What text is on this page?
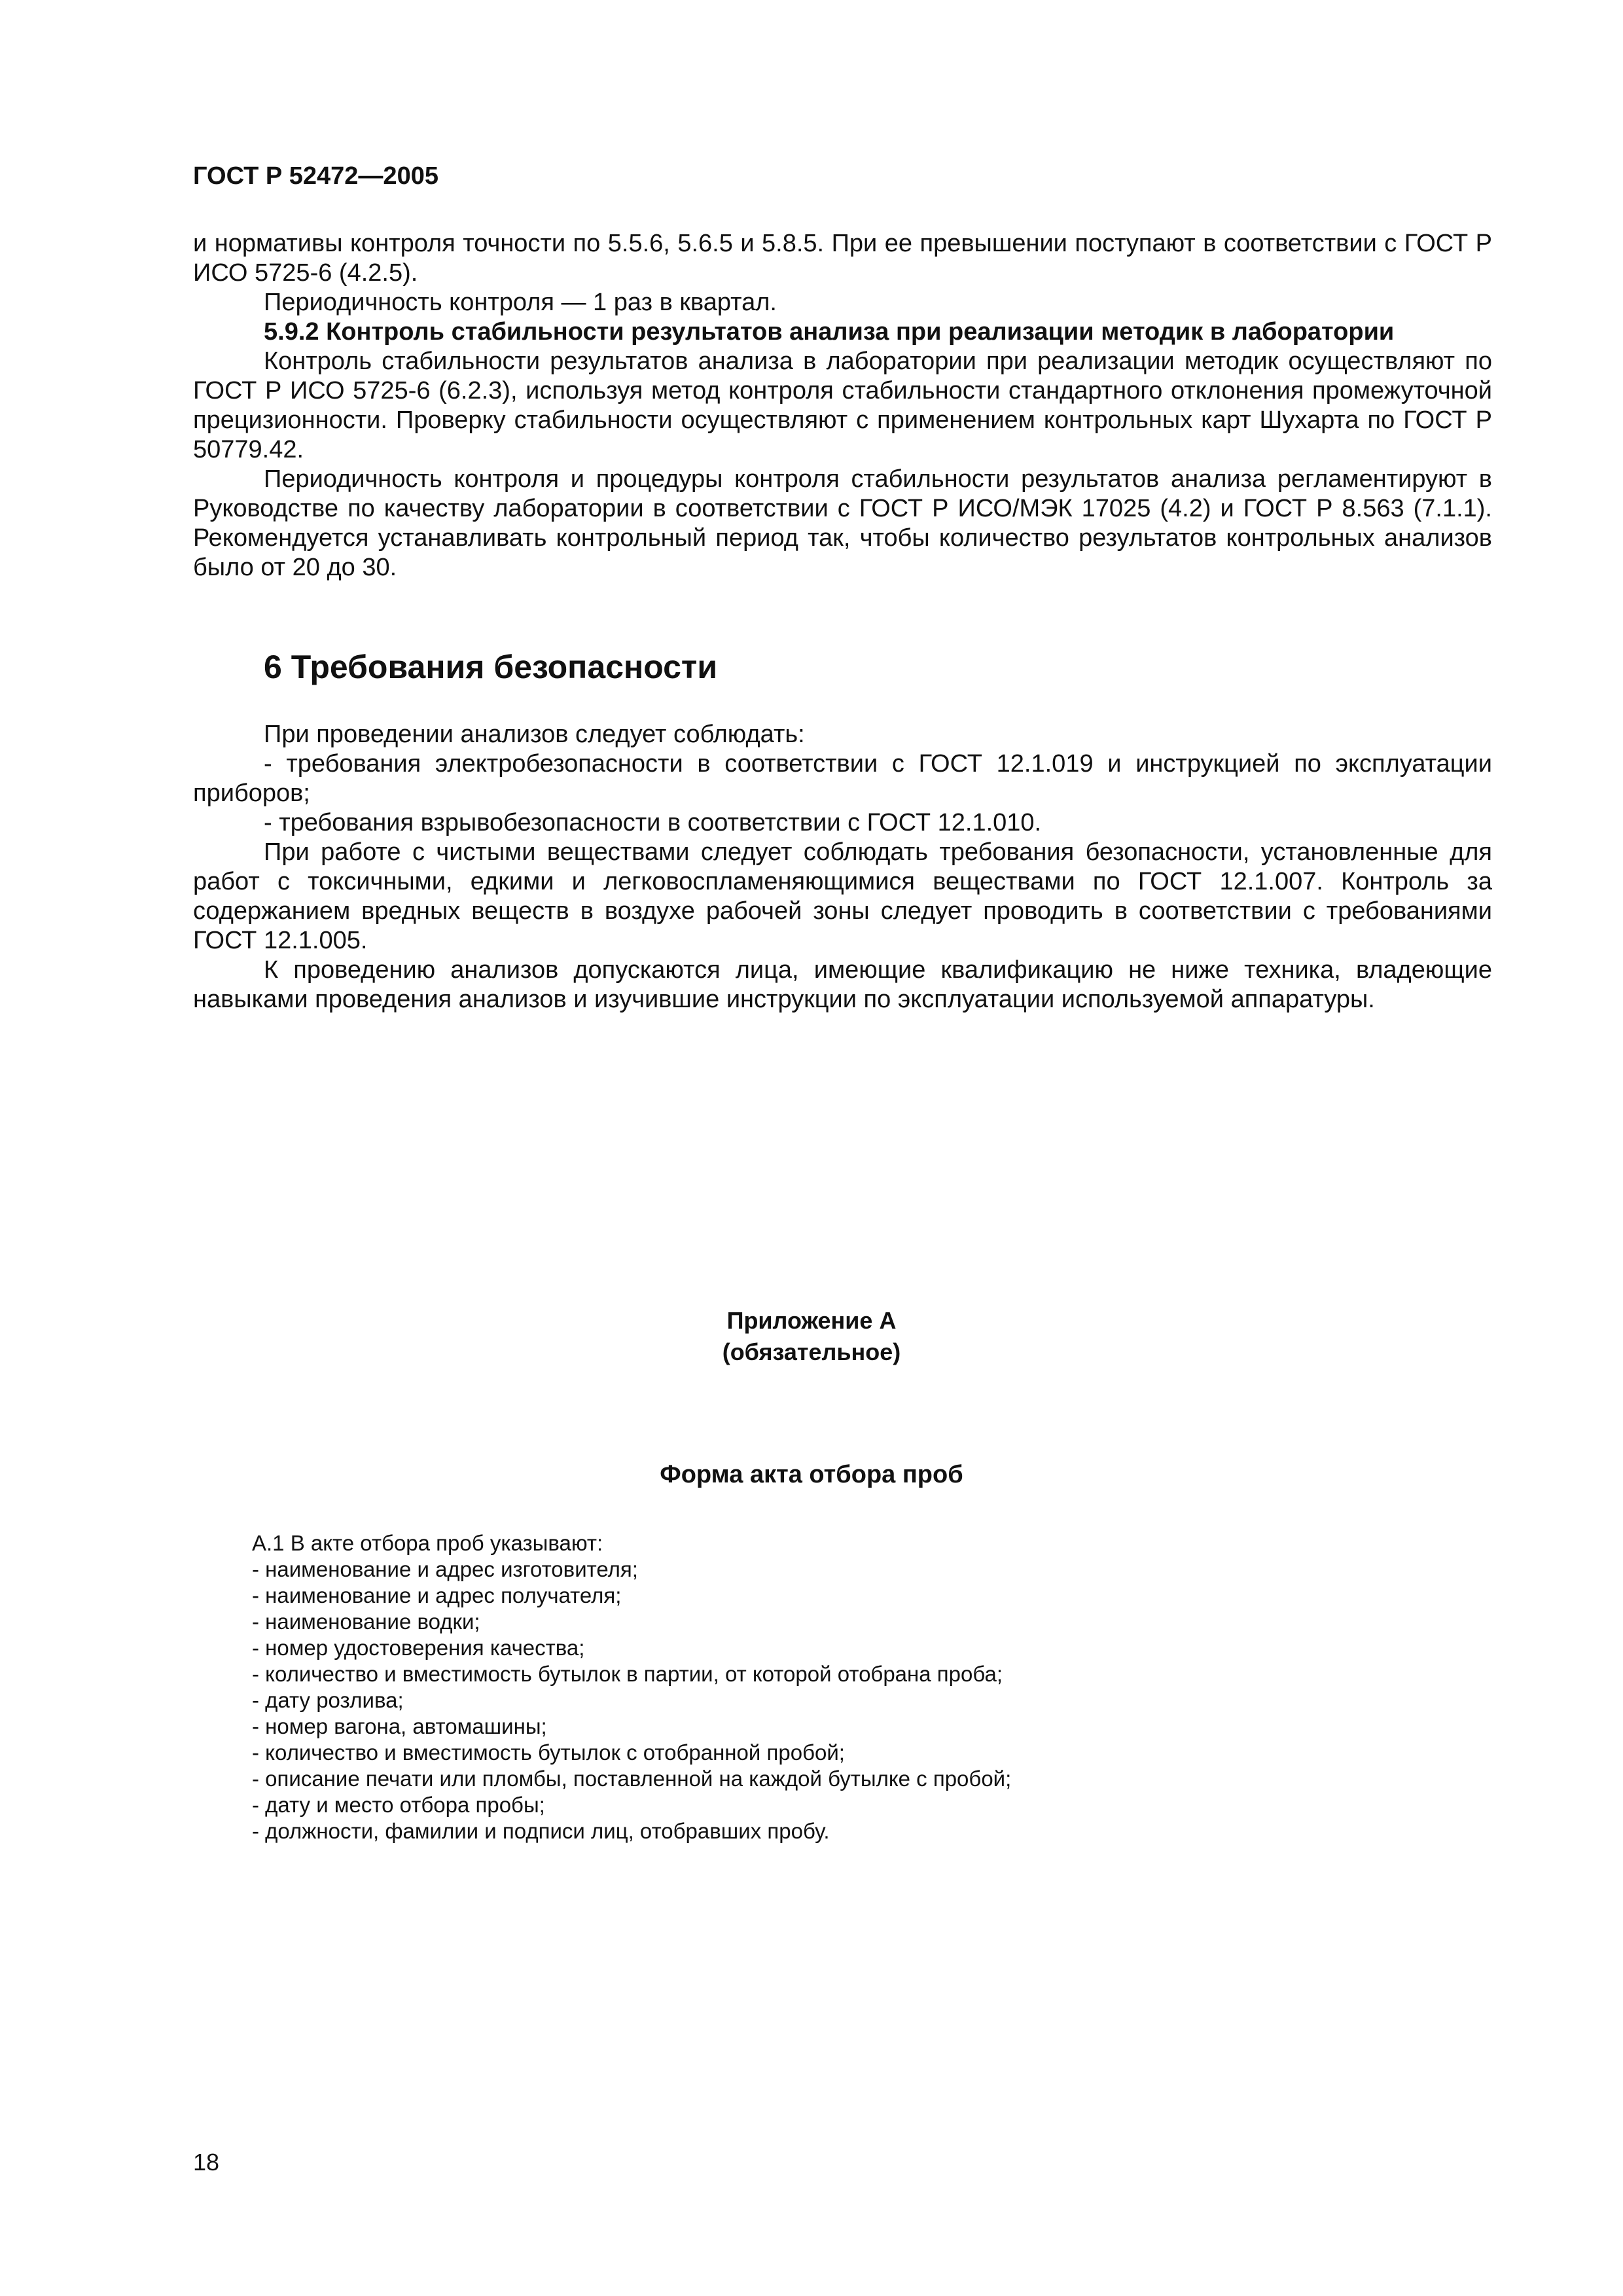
ГОСТ Р 52472—2005

и нормативы контроля точности по 5.5.6, 5.6.5 и 5.8.5. При ее превышении поступают в соответствии с ГОСТ Р ИСО 5725-6 (4.2.5).

Периодичность контроля — 1 раз в квартал.

5.9.2 Контроль стабильности результатов анализа при реализации методик в лаборатории

Контроль стабильности результатов анализа в лаборатории при реализации методик осуществляют по ГОСТ Р ИСО 5725-6 (6.2.3), используя метод контроля стабильности стандартного отклонения промежуточной прецизионности. Проверку стабильности осуществляют с применением контрольных карт Шухарта по ГОСТ Р 50779.42.

Периодичность контроля и процедуры контроля стабильности результатов анализа регламентируют в Руководстве по качеству лаборатории в соответствии с ГОСТ Р ИСО/МЭК 17025 (4.2) и ГОСТ Р 8.563 (7.1.1). Рекомендуется устанавливать контрольный период так, чтобы количество результатов контрольных анализов было от 20 до 30.

6 Требования безопасности

При проведении анализов следует соблюдать:

- требования электробезопасности в соответствии с ГОСТ 12.1.019 и инструкцией по эксплуатации приборов;

- требования взрывобезопасности в соответствии с ГОСТ 12.1.010.

При работе с чистыми веществами следует соблюдать требования безопасности, установленные для работ с токсичными, едкими и легковоспламеняющимися веществами по ГОСТ 12.1.007. Контроль за содержанием вредных веществ в воздухе рабочей зоны следует проводить в соответствии с требованиями ГОСТ 12.1.005.

К проведению анализов допускаются лица, имеющие квалификацию не ниже техника, владеющие навыками проведения анализов и изучившие инструкции по эксплуатации используемой аппаратуры.

Приложение А
(обязательное)
Форма акта отбора проб
А.1 В акте отбора проб указывают:
- наименование и адрес изготовителя;
- наименование и адрес получателя;
- наименование водки;
- номер удостоверения качества;
- количество и вместимость бутылок в партии, от которой отобрана проба;
- дату розлива;
- номер вагона, автомашины;
- количество и вместимость бутылок с отобранной пробой;
- описание печати или пломбы, поставленной на каждой бутылке с пробой;
- дату и место отбора пробы;
- должности, фамилии и подписи лиц, отобравших пробу.
18
